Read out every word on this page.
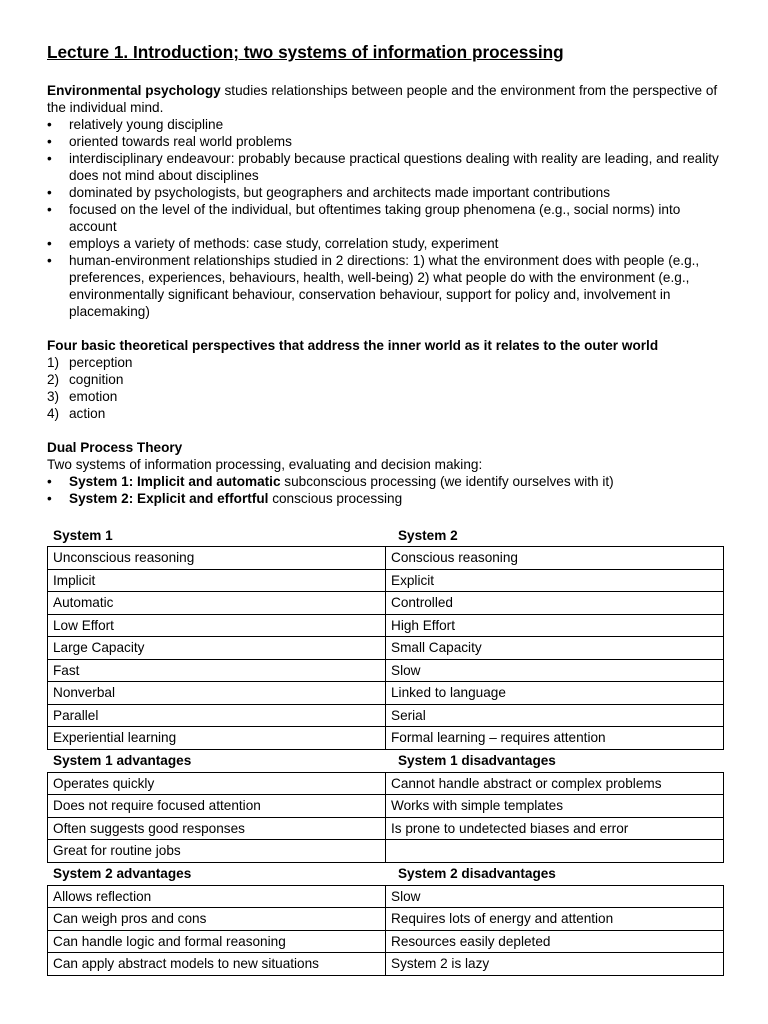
Lecture 1. Introduction; two systems of information processing

Environmental psychology studies relationships between people and the environment from the perspective of the individual mind.

•	relatively young discipline
•	oriented towards real world problems
•	interdisciplinary endeavour: probably because practical questions dealing with reality are leading, and reality does not mind about disciplines
•	dominated by psychologists, but geographers and architects made important contributions
•	focused on the level of the individual, but oftentimes taking group phenomena (e.g., social norms) into account
•	employs a variety of methods: case study, correlation study, experiment
•	human-environment relationships studied in 2 directions: 1) what the environment does with people (e.g., preferences, experiences, behaviours, health, well-being) 2) what people do with the environment (e.g., environmentally significant behaviour, conservation behaviour, support for policy and, involvement in placemaking)

Four basic theoretical perspectives that address the inner world as it relates to the outer world

1) perception
2) cognition
3) emotion
4) action

Dual Process Theory

Two systems of information processing, evaluating and decision making:

•	System 1: Implicit and automatic subconscious processing (we identify ourselves with it)
•	System 2: Explicit and effortful conscious processing
System 1	System 2
Unconscious reasoning	Conscious reasoning
Implicit	Explicit
Automatic	Controlled
Low Effort	High Effort
Large Capacity	Small Capacity
Fast	Slow
Nonverbal	Linked to language
Parallel	Serial
Experiential learning	Formal learning – requires attention
System 1 advantages	System 1 disadvantages
Operates quickly	Cannot handle abstract or complex problems
Does not require focused attention	Works with simple templates
Often suggests good responses	Is prone to undetected biases and error
Great for routine jobs	
System 2 advantages	System 2 disadvantages
Allows reflection	Slow
Can weigh pros and cons	Requires lots of energy and attention
Can handle logic and formal reasoning	Resources easily depleted
Can apply abstract models to new situations	System 2 is lazy
